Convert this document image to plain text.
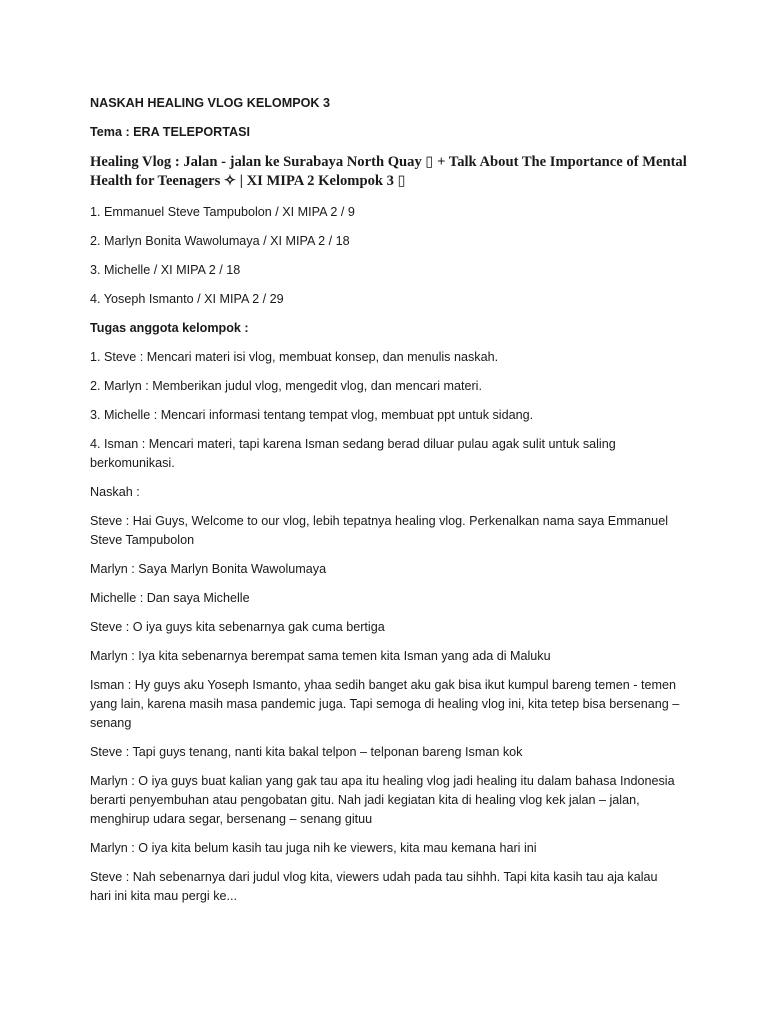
NASKAH HEALING VLOG KELOMPOK 3

Tema : ERA TELEPORTASI

Healing Vlog : Jalan - jalan ke Surabaya North Quay ▯ + Talk About The Importance of Mental
Health for Teenagers ✧ | XI MIPA 2 Kelompok 3 ▯

1. Emmanuel Steve Tampubolon / XI MIPA 2 / 9

2. Marlyn Bonita Wawolumaya / XI MIPA 2 / 18

3. Michelle / XI MIPA 2 / 18

4. Yoseph Ismanto / XI MIPA 2 / 29

Tugas anggota kelompok :

1. Steve : Mencari materi isi vlog, membuat konsep, dan menulis naskah.

2. Marlyn : Memberikan judul vlog, mengedit vlog, dan mencari materi.

3. Michelle : Mencari informasi tentang tempat vlog, membuat ppt untuk sidang.

4. Isman : Mencari materi, tapi karena Isman sedang berad diluar pulau agak sulit untuk saling
berkomunikasi.

Naskah :

Steve : Hai Guys, Welcome to our vlog, lebih tepatnya healing vlog. Perkenalkan nama saya Emmanuel
Steve Tampubolon

Marlyn : Saya Marlyn Bonita Wawolumaya

Michelle : Dan saya Michelle

Steve : O iya guys kita sebenarnya gak cuma bertiga

Marlyn : Iya kita sebenarnya berempat sama temen kita Isman yang ada di Maluku

Isman : Hy guys aku Yoseph Ismanto, yhaa sedih banget aku gak bisa ikut kumpul bareng temen - temen
yang lain, karena masih masa pandemic juga. Tapi semoga di healing vlog ini, kita tetep bisa bersenang –
senang

Steve : Tapi guys tenang, nanti kita bakal telpon – telponan bareng Isman kok

Marlyn : O iya guys buat kalian yang gak tau apa itu healing vlog jadi healing itu dalam bahasa Indonesia
berarti penyembuhan atau pengobatan gitu. Nah jadi kegiatan kita di healing vlog kek jalan – jalan,
menghirup udara segar, bersenang – senang gituu

Marlyn : O iya kita belum kasih tau juga nih ke viewers, kita mau kemana hari ini

Steve : Nah sebenarnya dari judul vlog kita, viewers udah pada tau sihhh. Tapi kita kasih tau aja kalau
hari ini kita mau pergi ke...
